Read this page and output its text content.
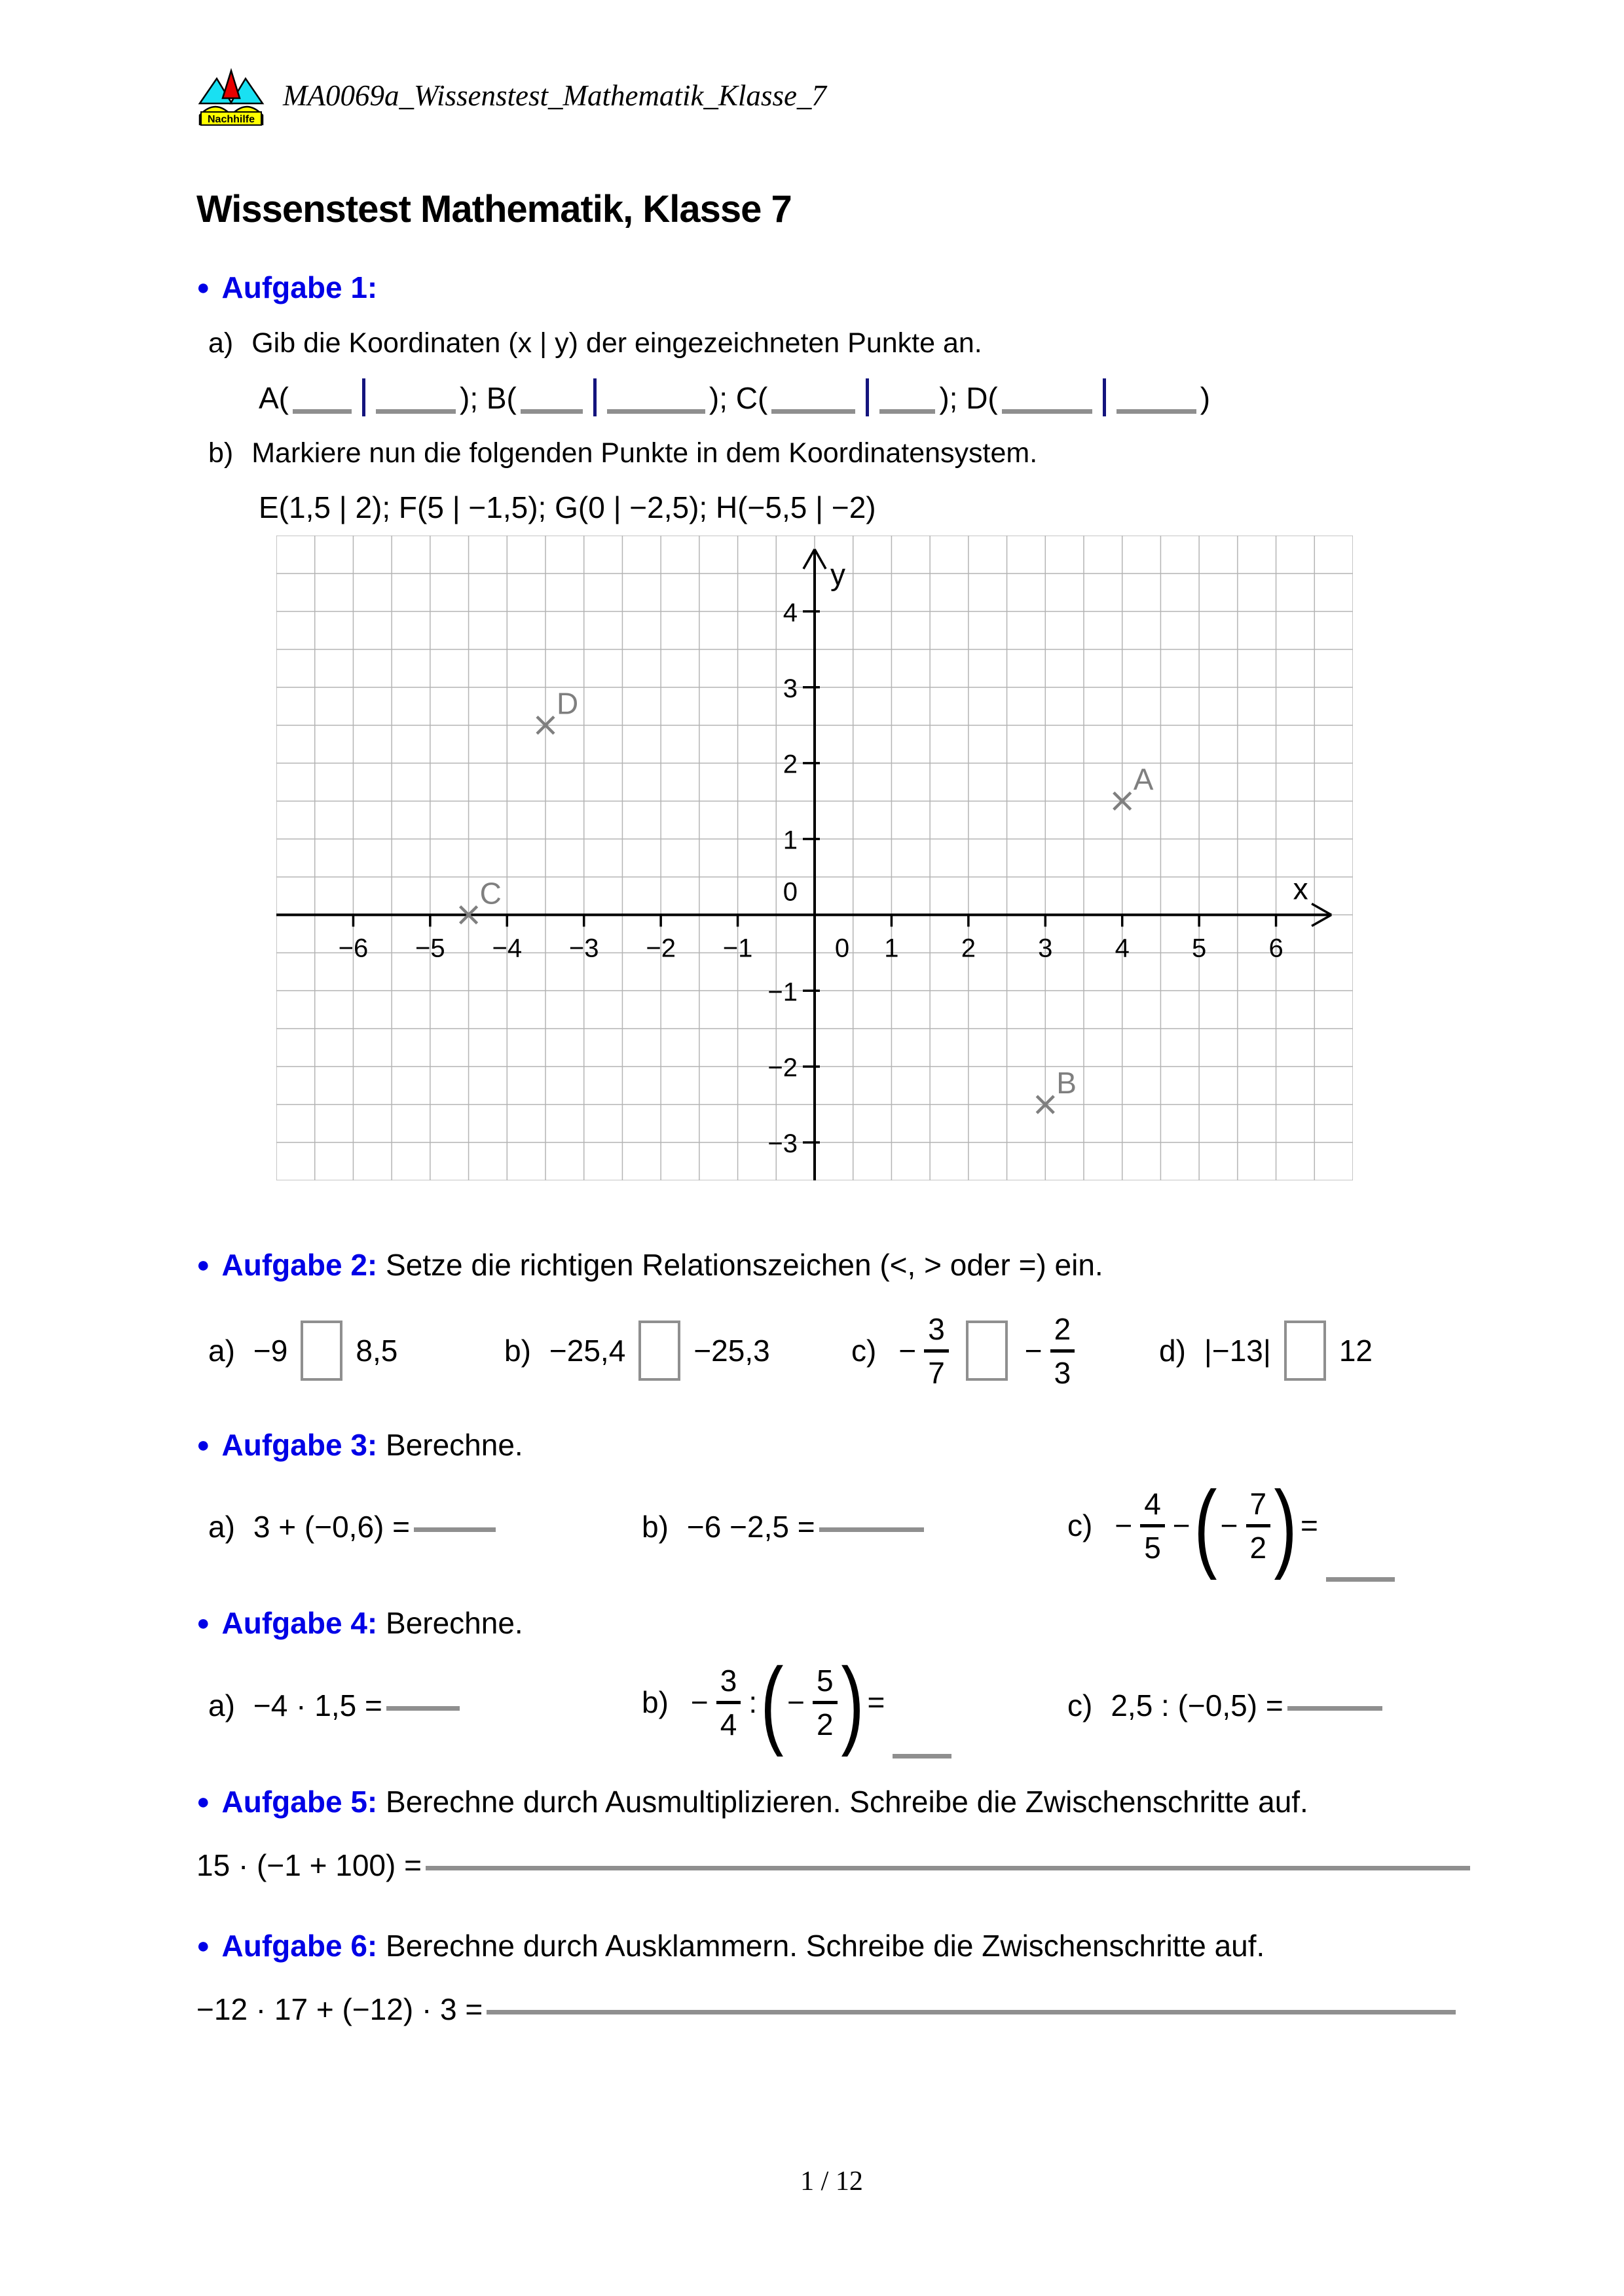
Nachhilfe
MA0069a_Wissenstest_Mathematik_Klasse_7
Wissenstest Mathematik, Klasse 7
● Aufgabe 1:
a) Gib die Koordinaten (x | y) der eingezeichneten Punkte an.
A(	); B(	); C(	); D(	)
b) Markiere nun die folgenden Punkte in dem Koordinatensystem.
E(1,5 | 2); F(5 | −1,5); G(0 | −2,5); H(−5,5 | −2)
x
y
−6 −5 −4 −3 −2 −1	0 1 2 3 4 5 6
−3
−2
−1
0
1
2
3
4
A
B
C
D
● Aufgabe 2: Setze die richtigen Relationszeichen (<, > oder =) ein.
a) −9 8,5	b) −25,4 −25,3	c) −
3
7
−
2
3
d) |−13| 12
● Aufgabe 3: Berechne.
a) 3 + (−0,6) =	b) −6 −2,5 =	c) −
4
5
− ( −
7
2 ) =
● Aufgabe 4: Berechne.
a) −4 · 1,5 =	b) −
3
4
: ( −
5
2 ) =	c) 2,5 : (−0,5) =
● Aufgabe 5: Berechne durch Ausmultiplizieren. Schreibe die Zwischenschritte auf.
15 · (−1 + 100) =
● Aufgabe 6: Berechne durch Ausklammern. Schreibe die Zwischenschritte auf.
−12 · 17 + (−12) · 3 =
1 / 12
